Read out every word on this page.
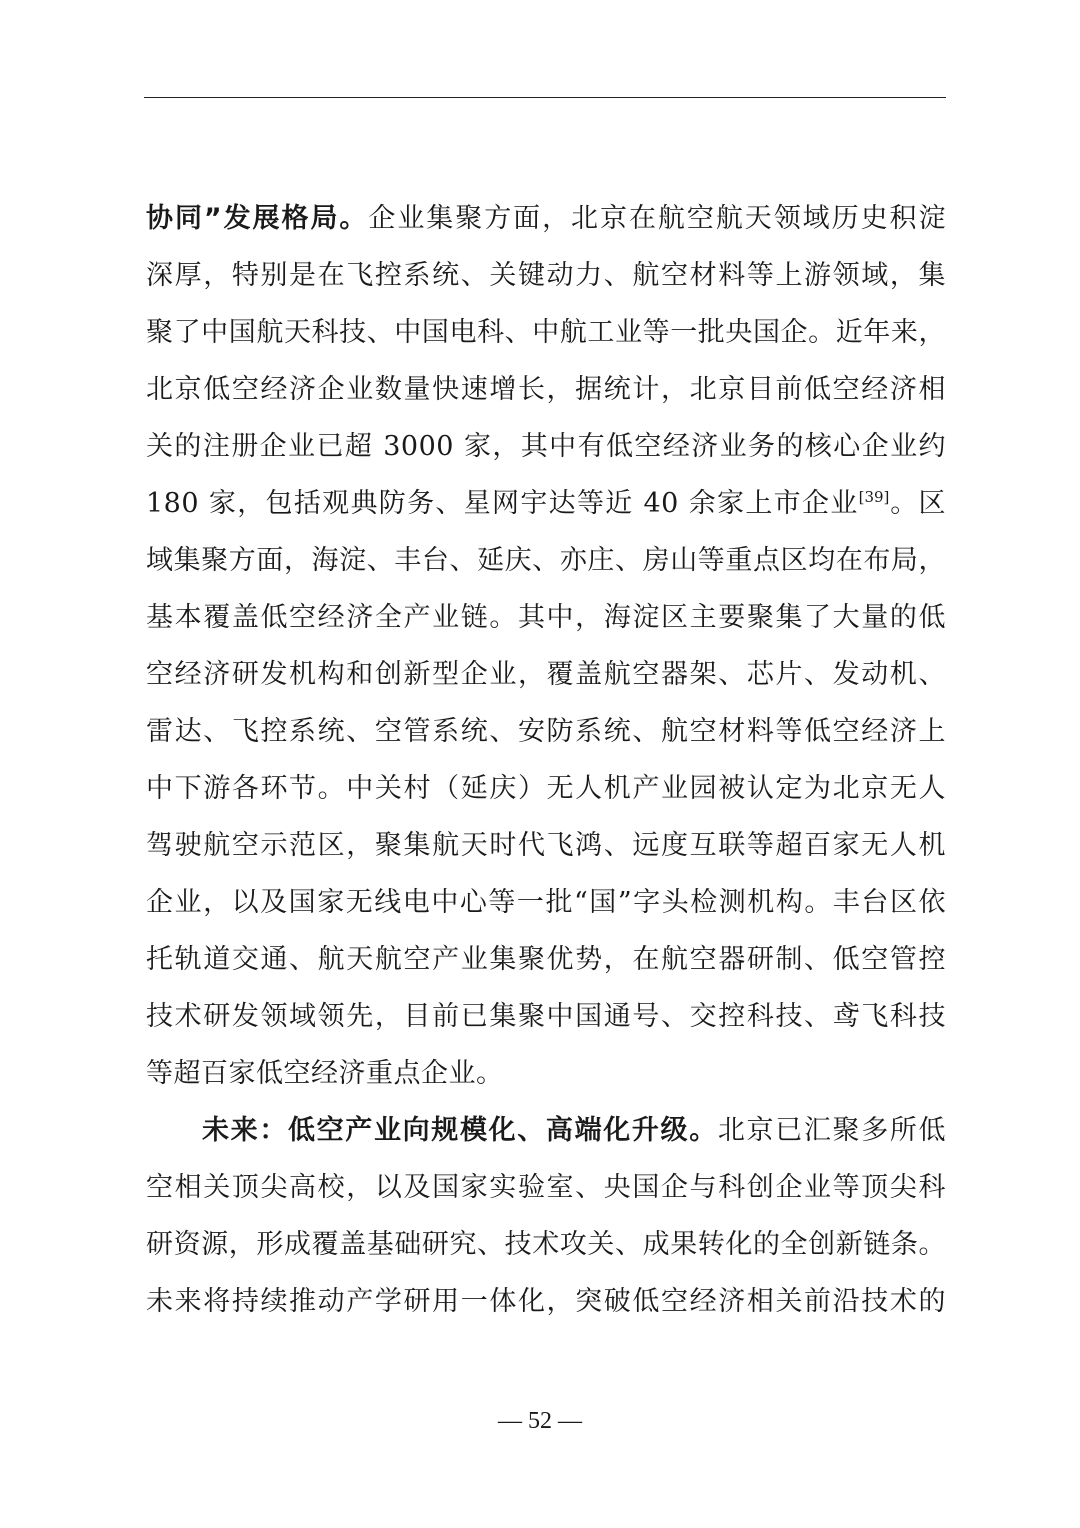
协同”发展格局。企业集聚方面，北京在航空航天领域历史积淀
深厚，特别是在飞控系统、关键动力、航空材料等上游领域，集
聚了中国航天科技、中国电科、中航工业等一批央国企。近年来，
北京低空经济企业数量快速增长，据统计，北京目前低空经济相
关的注册企业已超 3000 家，其中有低空经济业务的核心企业约
180 家，包括观典防务、星网宇达等近 40 余家上市企业[39]。区
域集聚方面，海淀、丰台、延庆、亦庄、房山等重点区均在布局，
基本覆盖低空经济全产业链。其中，海淀区主要聚集了大量的低
空经济研发机构和创新型企业，覆盖航空器架、芯片、发动机、
雷达、飞控系统、空管系统、安防系统、航空材料等低空经济上
中下游各环节。中关村（延庆）无人机产业园被认定为北京无人
驾驶航空示范区，聚集航天时代飞鸿、远度互联等超百家无人机
企业，以及国家无线电中心等一批“国”字头检测机构。丰台区依
托轨道交通、航天航空产业集聚优势，在航空器研制、低空管控
技术研发领域领先，目前已集聚中国通号、交控科技、鸢飞科技
等超百家低空经济重点企业。
未来：低空产业向规模化、高端化升级。北京已汇聚多所低
空相关顶尖高校，以及国家实验室、央国企与科创企业等顶尖科
研资源，形成覆盖基础研究、技术攻关、成果转化的全创新链条。
未来将持续推动产学研用一体化，突破低空经济相关前沿技术的
— 52 —
